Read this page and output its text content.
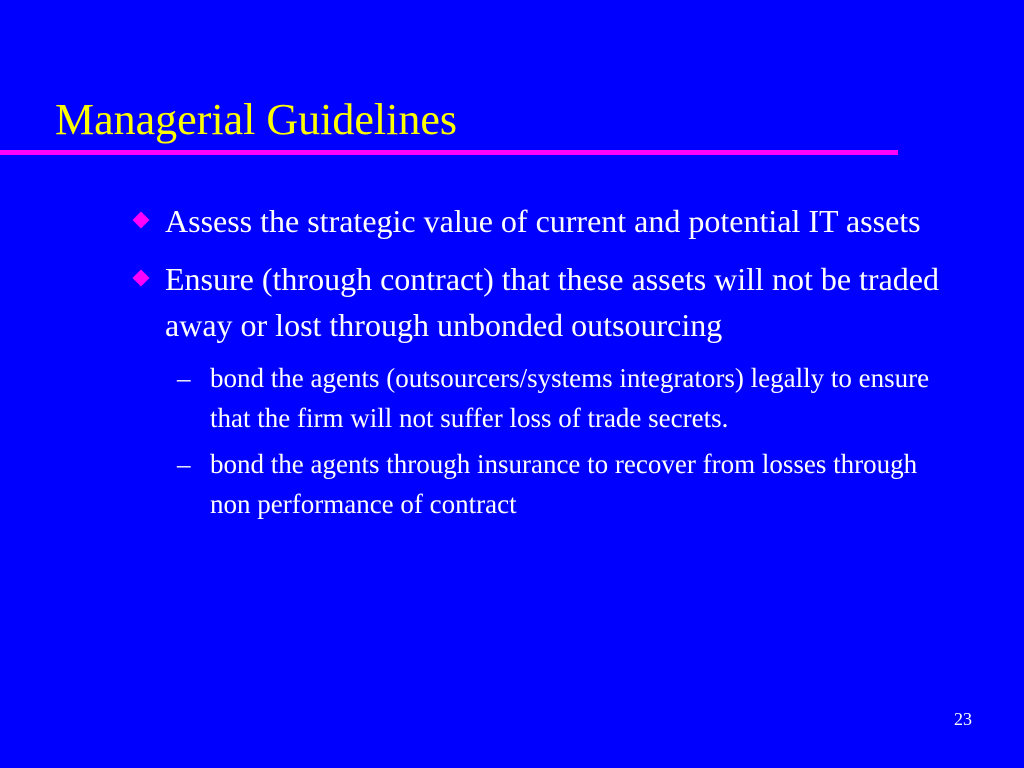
Managerial Guidelines
Assess the strategic value of current and potential IT assets
Ensure (through contract) that these assets will not be traded away or lost through unbonded outsourcing
– bond the agents (outsourcers/systems integrators) legally to ensure that the firm will not suffer loss of trade secrets.
– bond the agents through insurance to recover from losses through non performance of contract
23
